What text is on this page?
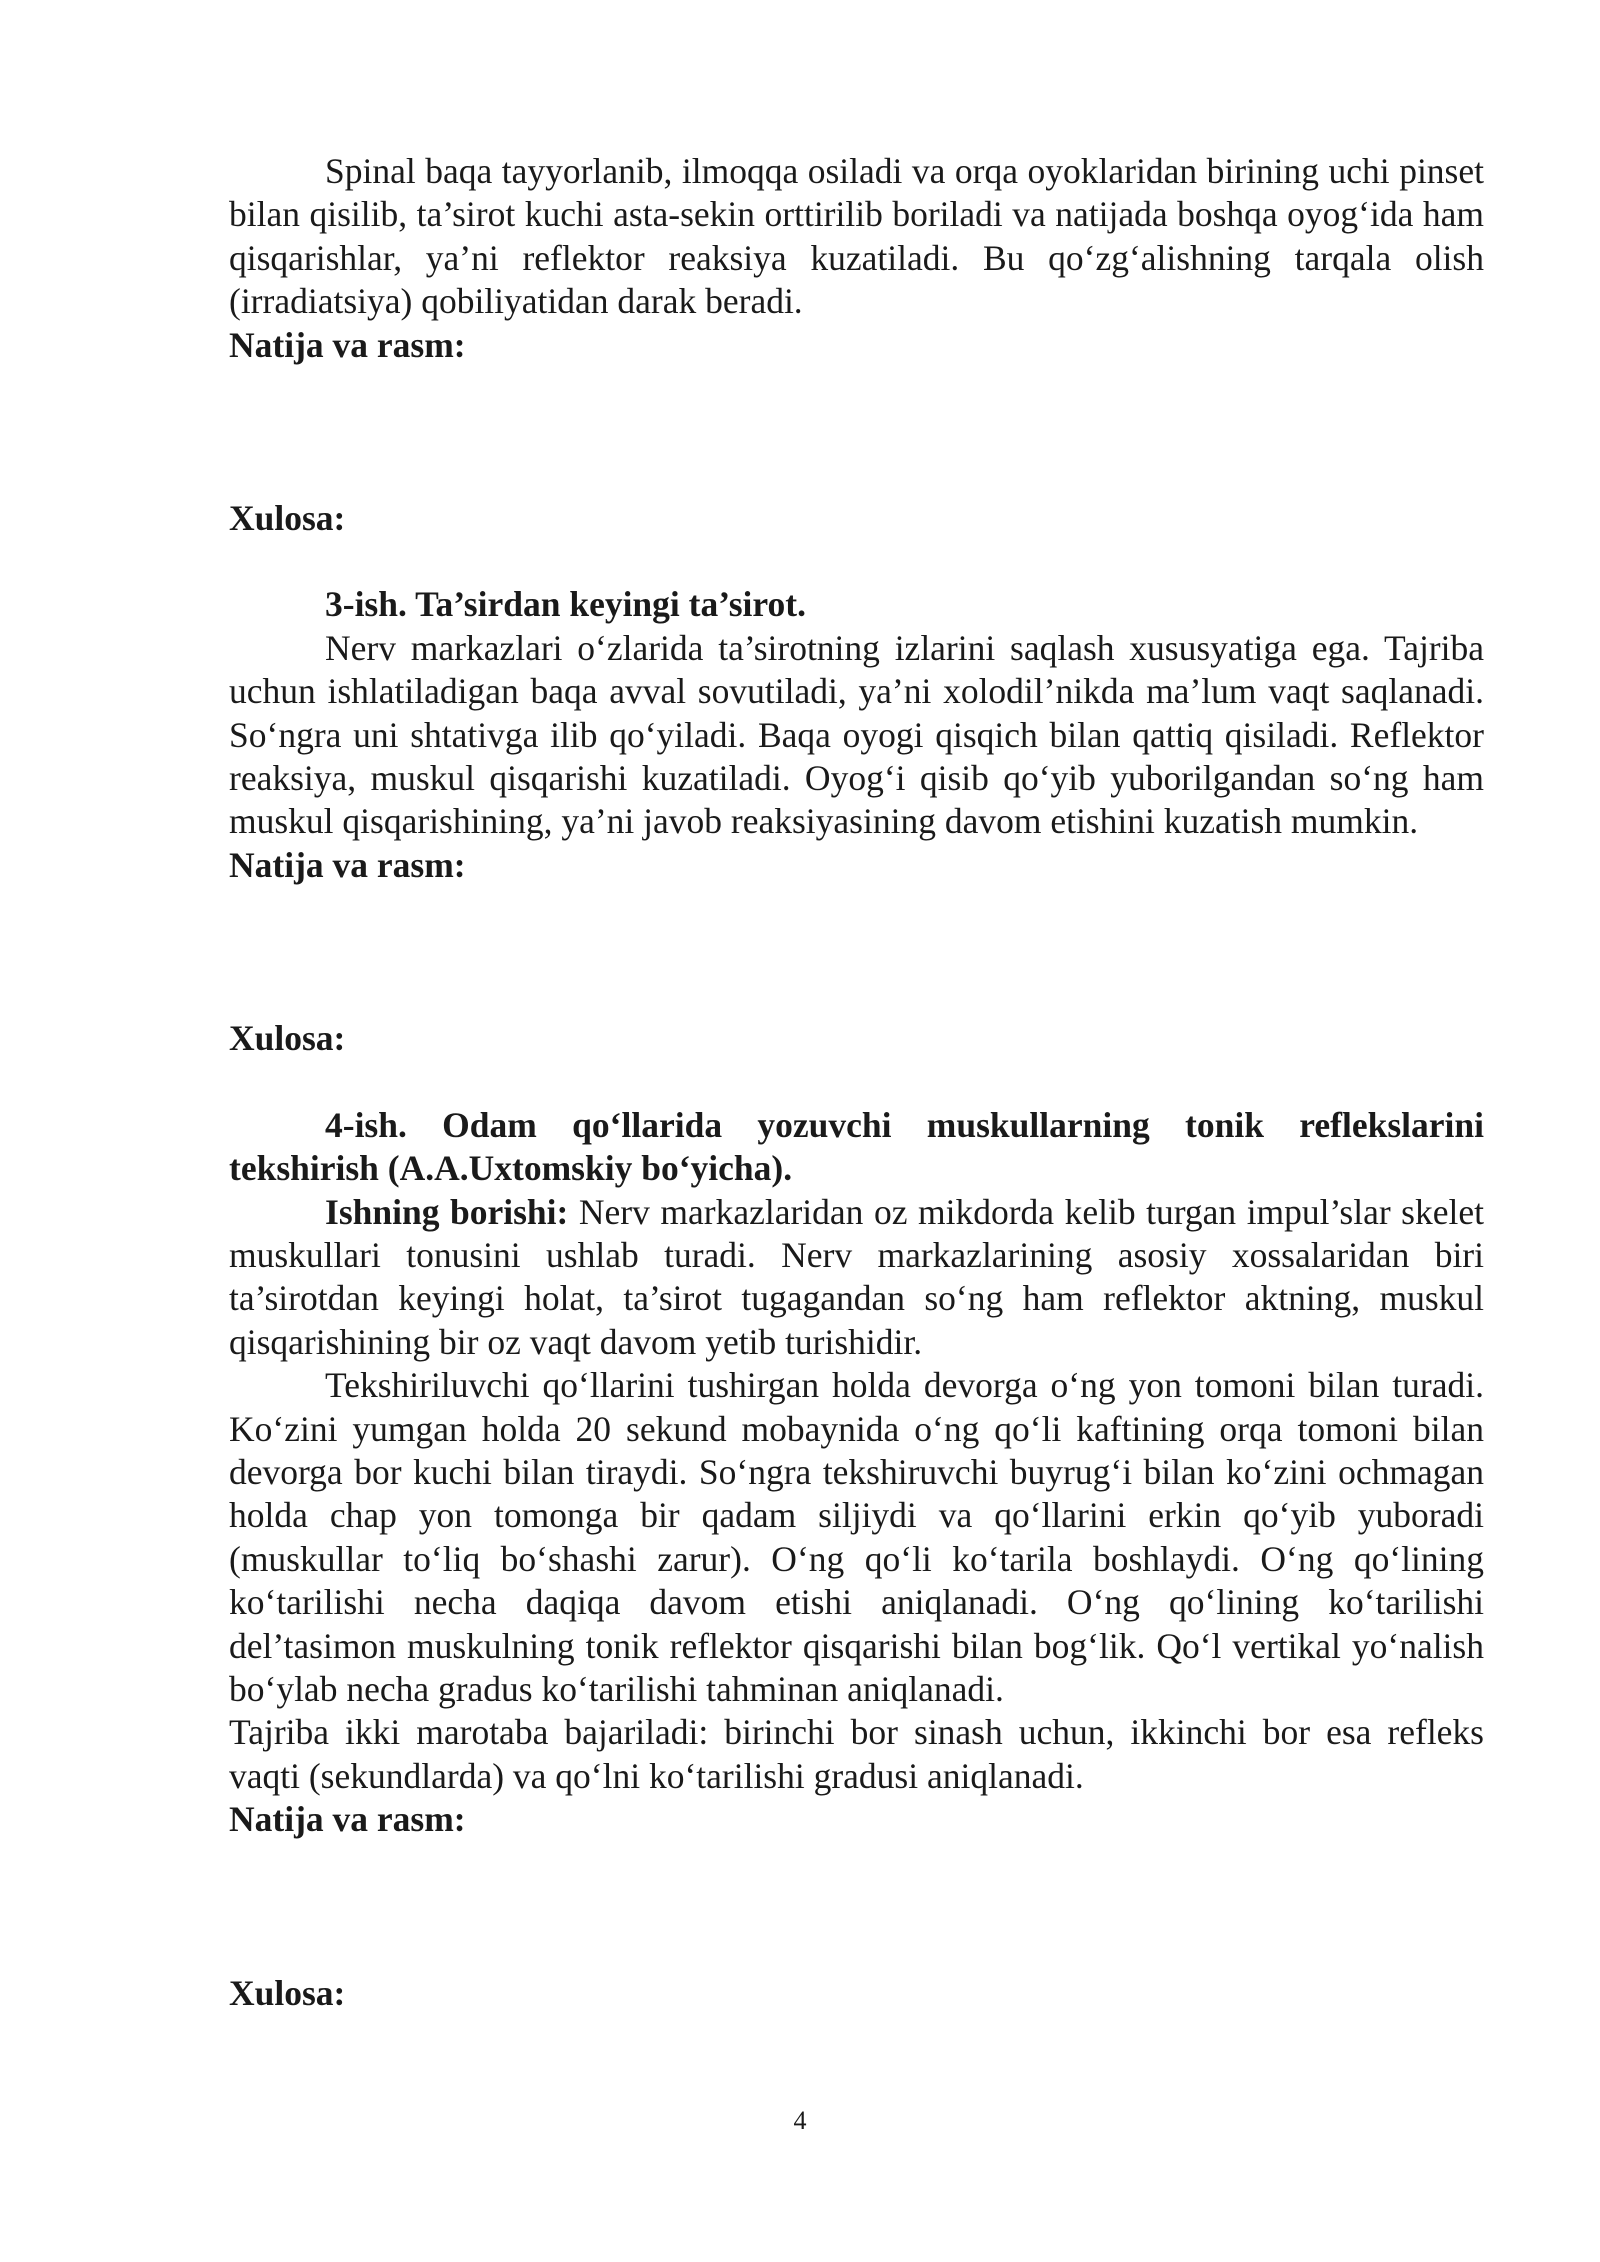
Spinal baqa tayyorlanib, ilmoqqa osiladi va orqa oyoklaridan birining uchi pinset bilan qisilib, ta’sirot kuchi asta-sekin orttirilib boriladi va natijada boshqa oyog‘ida ham qisqarishlar, ya’ni reflektor reaksiya kuzatiladi. Bu qo‘zg‘alishning tarqala olish (irradiatsiya) qobiliyatidan darak beradi.

Natija va rasm:

Xulosa:

3-ish. Ta’sirdan keyingi ta’sirot.

Nerv markazlari o‘zlarida ta’sirotning izlarini saqlash xususyatiga ega. Tajriba uchun ishlatiladigan baqa avval sovutiladi, ya’ni xolodil’nikda ma’lum vaqt saqlanadi. So‘ngra uni shtativga ilib qo‘yiladi. Baqa oyogi qisqich bilan qattiq qisiladi. Reflektor reaksiya, muskul qisqarishi kuzatiladi. Oyog‘i qisib qo‘yib yuborilgandan so‘ng ham muskul qisqarishining, ya’ni javob reaksiyasining davom etishini kuzatish mumkin.

Natija va rasm:

Xulosa:

4-ish. Odam qo‘llarida yozuvchi muskullarning tonik reflekslarini tekshirish (A.A.Uxtomskiy bo‘yicha).

Ishning borishi: Nerv markazlaridan oz mikdorda kelib turgan impul’slar skelet muskullari tonusini ushlab turadi. Nerv markazlarining asosiy xossalaridan biri ta’sirotdan keyingi holat, ta’sirot tugagandan so‘ng ham reflektor aktning, muskul qisqarishining bir oz vaqt davom yetib turishidir.

Tekshiriluvchi qo‘llarini tushirgan holda devorga o‘ng yon tomoni bilan turadi. Ko‘zini yumgan holda 20 sekund mobaynida o‘ng qo‘li kaftining orqa tomoni bilan devorga bor kuchi bilan tiraydi. So‘ngra tekshiruvchi buyrug‘i bilan ko‘zini ochmagan holda chap yon tomonga bir qadam siljiydi va qo‘llarini erkin qo‘yib yuboradi (muskullar to‘liq bo‘shashi zarur). O‘ng qo‘li ko‘tarila boshlaydi. O‘ng qo‘lining ko‘tarilishi necha daqiqa davom etishi aniqlanadi. O‘ng qo‘lining ko‘tarilishi del’tasimon muskulning tonik reflektor qisqarishi bilan bog‘lik. Qo‘l vertikal yo‘nalish bo‘ylab necha gradus ko‘tarilishi tahminan aniqlanadi.

Tajriba ikki marotaba bajariladi: birinchi bor sinash uchun, ikkinchi bor esa refleks vaqti (sekundlarda) va qo‘lni ko‘tarilishi gradusi aniqlanadi.

Natija va rasm:

Xulosa:

4
